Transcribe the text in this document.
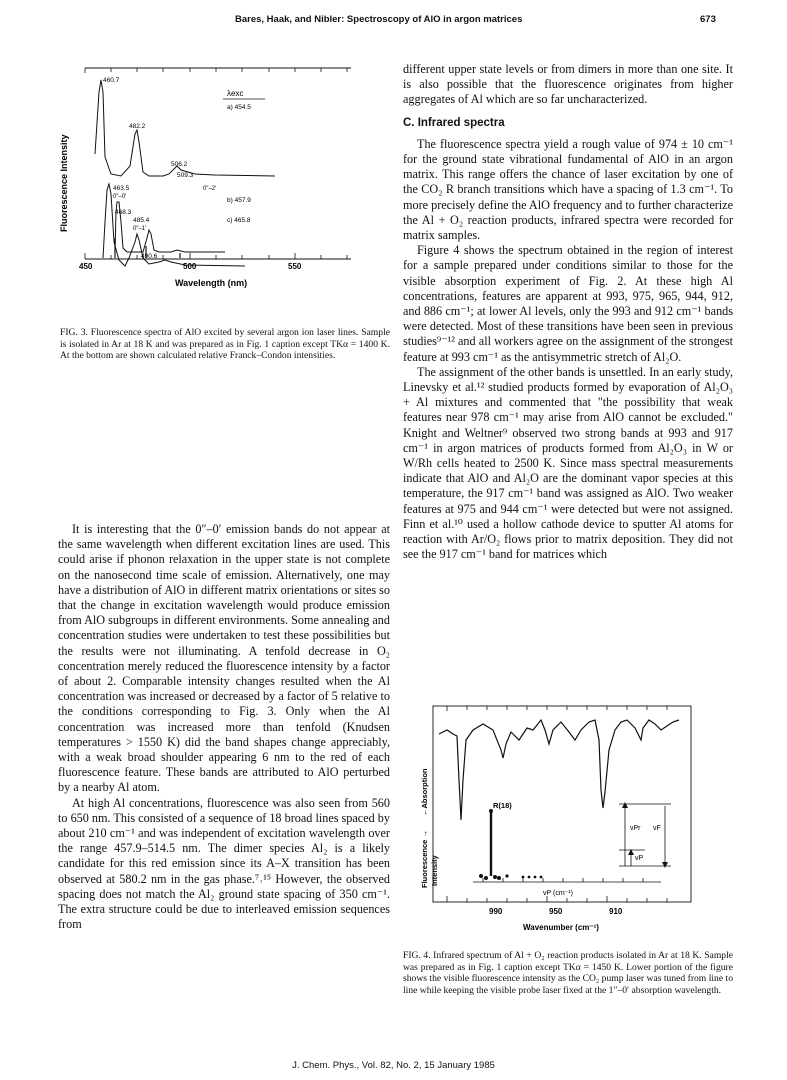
Bares, Haak, and Nibler: Spectroscopy of AlO in argon matrices	673
460.7
482.2
506.2
λexc
a) 454.5
463.5
0″–0′
485.4
0″–1′
b) 457.9
450	500	550
Wavelength (nm)
Fluorescence Intensity	509.3
0″–2′
468.3
c) 465.8
490.6
FIG. 3. Fluorescence spectra of AlO excited by several argon ion laser lines. Sample is isolated in Ar at 18 K and was prepared as in Fig. 1 caption except TKα = 1400 K. At the bottom are shown calculated relative Franck–Condon intensities.

It is interesting that the 0″–0′ emission bands do not appear at the same wavelength when different excitation lines are used. This could arise if phonon relaxation in the upper state is not complete on the nanosecond time scale of emission. Alternatively, one may have a distribution of AlO in different matrix orientations or sites so that the change in excitation wavelength would produce emission from AlO subgroups in different environments. Some annealing and concentration studies were undertaken to test these possibilities but the results were not illuminating. A tenfold decrease in O₂ concentration merely reduced the fluorescence intensity by a factor of about 2. Comparable intensity changes resulted when the Al concentration was increased or decreased by a factor of 5 relative to the conditions corresponding to Fig. 3. Only when the Al concentration was increased more than tenfold (Knudsen temperatures > 1550 K) did the band shapes change appreciably, with a weak broad shoulder appearing 6 nm to the red of each fluorescence feature. These bands are attributed to AlO perturbed by a nearby Al atom.

At high Al concentrations, fluorescence was also seen from 560 to 650 nm. This consisted of a sequence of 18 broad lines spaced by about 210 cm⁻¹ and was independent of excitation wavelength over the range 457.9–514.5 nm. The dimer species Al₂ is a likely candidate for this red emission since its A–X transition has been observed at 580.2 nm in the gas phase.⁷˒¹⁵ However, the observed spacing does not match the Al₂ ground state spacing of 350 cm⁻¹. The extra structure could be due to interleaved emission sequences from

different upper state levels or from dimers in more than one site. It is also possible that the fluorescence originates from higher aggregates of Al which are so far uncharacterized.

C. Infrared spectra

The fluorescence spectra yield a rough value of 974 ± 10 cm⁻¹ for the ground state vibrational fundamental of AlO in an argon matrix. This range offers the chance of laser excitation by one of the CO₂ R branch transitions which have a spacing of 1.3 cm⁻¹. To more precisely define the AlO frequency and to further characterize the Al + O₂ reaction products, infrared spectra were recorded for matrix samples.

Figure 4 shows the spectrum obtained in the region of interest for a sample prepared under conditions similar to those for the visible absorption experiment of Fig. 2. At these high Al concentrations, features are apparent at 993, 975, 965, 944, 912, and 886 cm⁻¹; at lower Al levels, only the 993 and 912 cm⁻¹ bands were detected. Most of these transitions have been seen in previous studies⁹⁻¹² and all workers agree on the assignment of the strongest feature at 993 cm⁻¹ as the antisymmetric stretch of Al₂O.

The assignment of the other bands is unsettled. In an early study, Linevsky et al.¹² studied products formed by evaporation of Al₂O₃ + Al mixtures and commented that "the possibility that weak features near 978 cm⁻¹ may arise from AlO cannot be excluded." Knight and Weltner⁹ observed two strong bands at 993 and 917 cm⁻¹ in argon matrices of products formed from Al₂O₃ in W or W/Rh cells heated to 2500 K. Since mass spectral measurements indicate that AlO and Al₂O are the dominant vapor species at this temperature, the 917 cm⁻¹ band was assigned as AlO. Two weaker features at 975 and 944 cm⁻¹ were detected but were not assigned. Finn et al.¹⁰ used a hollow cathode device to sputter Al atoms for reaction with Ar/O₂ flows prior to matrix deposition. They did not see the 917 cm⁻¹ band for matrices which

νPr νF
νP
R(18)
νP (cm⁻¹)
←Absorption
Fluorescence → Intensity
990	950	910
Wavenumber (cm⁻¹)
FIG. 4. Infrared spectrum of Al + O₂ reaction products isolated in Ar at 18 K. Sample was prepared as in Fig. 1 caption except TKα = 1450 K. Lower portion of the figure shows the visible fluorescence intensity as the CO₂ pump laser was tuned from line to line while keeping the visible probe laser fixed at the 1″–0′ absorption wavelength.
J. Chem. Phys., Vol. 82, No. 2, 15 January 1985
